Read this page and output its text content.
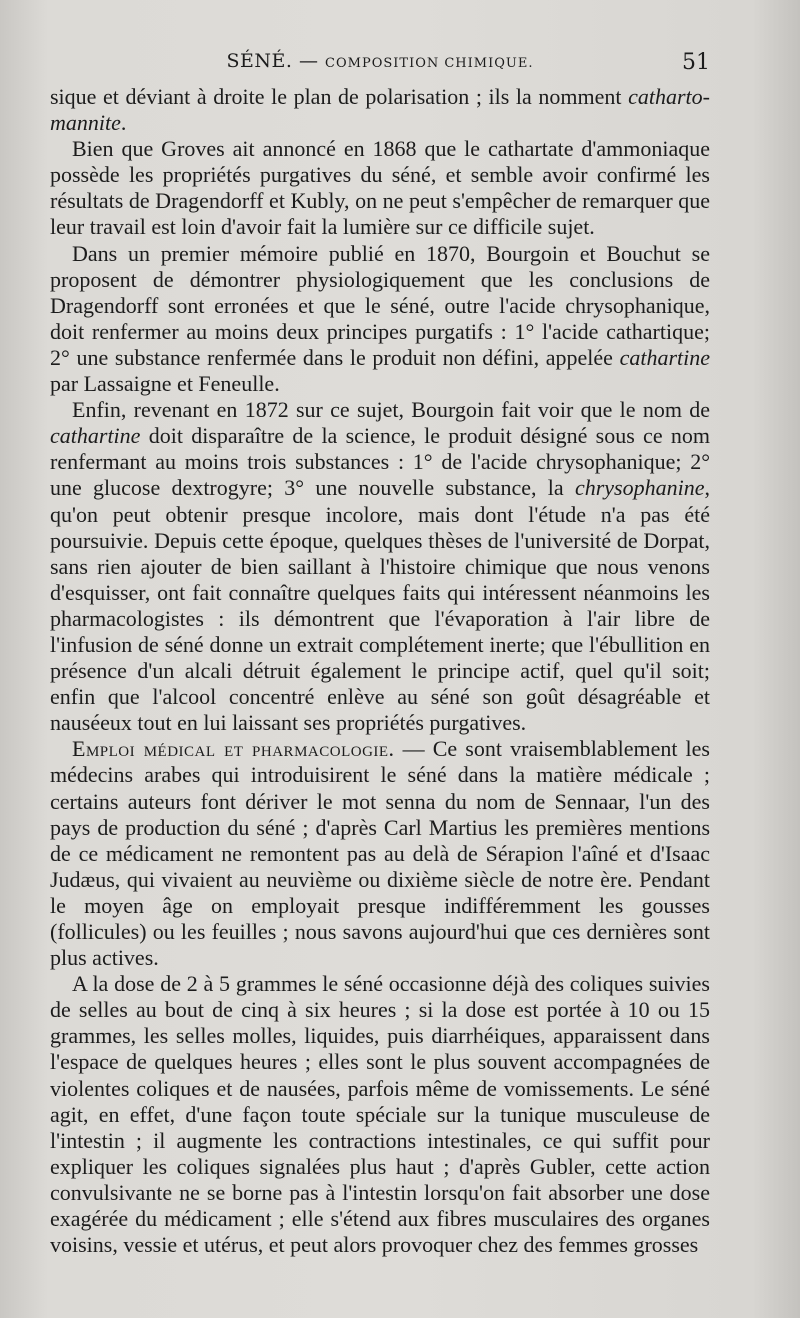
SÉNÉ. — COMPOSITION CHIMIQUE.	51

sique et déviant à droite le plan de polarisation ; ils la nomment catharto-mannite.

Bien que Groves ait annoncé en 1868 que le cathartate d'ammoniaque possède les propriétés purgatives du séné, et semble avoir confirmé les résultats de Dragendorff et Kubly, on ne peut s'empêcher de remarquer que leur travail est loin d'avoir fait la lumière sur ce difficile sujet.

Dans un premier mémoire publié en 1870, Bourgoin et Bouchut se proposent de démontrer physiologiquement que les conclusions de Dragendorff sont erronées et que le séné, outre l'acide chrysophanique, doit renfermer au moins deux principes purgatifs : 1° l'acide cathartique; 2° une substance renfermée dans le produit non défini, appelée cathartine par Lassaigne et Feneulle.

Enfin, revenant en 1872 sur ce sujet, Bourgoin fait voir que le nom de cathartine doit disparaître de la science, le produit désigné sous ce nom renfermant au moins trois substances : 1° de l'acide chrysophanique; 2° une glucose dextrogyre; 3° une nouvelle substance, la chrysophanine, qu'on peut obtenir presque incolore, mais dont l'étude n'a pas été poursuivie. Depuis cette époque, quelques thèses de l'université de Dorpat, sans rien ajouter de bien saillant à l'histoire chimique que nous venons d'esquisser, ont fait connaître quelques faits qui intéressent néanmoins les pharmacologistes : ils démontrent que l'évaporation à l'air libre de l'infusion de séné donne un extrait complétement inerte; que l'ébullition en présence d'un alcali détruit également le principe actif, quel qu'il soit; enfin que l'alcool concentré enlève au séné son goût désagréable et nauséeux tout en lui laissant ses propriétés purgatives.

Emploi médical et pharmacologie. — Ce sont vraisemblablement les médecins arabes qui introduisirent le séné dans la matière médicale ; certains auteurs font dériver le mot senna du nom de Sennaar, l'un des pays de production du séné ; d'après Carl Martius les premières mentions de ce médicament ne remontent pas au delà de Sérapion l'aîné et d'Isaac Judæus, qui vivaient au neuvième ou dixième siècle de notre ère. Pendant le moyen âge on employait presque indifféremment les gousses (follicules) ou les feuilles ; nous savons aujourd'hui que ces dernières sont plus actives.

A la dose de 2 à 5 grammes le séné occasionne déjà des coliques suivies de selles au bout de cinq à six heures ; si la dose est portée à 10 ou 15 grammes, les selles molles, liquides, puis diarrhéiques, apparaissent dans l'espace de quelques heures ; elles sont le plus souvent accompagnées de violentes coliques et de nausées, parfois même de vomissements. Le séné agit, en effet, d'une façon toute spéciale sur la tunique musculeuse de l'intestin ; il augmente les contractions intestinales, ce qui suffit pour expliquer les coliques signalées plus haut ; d'après Gubler, cette action convulsivante ne se borne pas à l'intestin lorsqu'on fait absorber une dose exagérée du médicament ; elle s'étend aux fibres musculaires des organes voisins, vessie et utérus, et peut alors provoquer chez des femmes grosses
